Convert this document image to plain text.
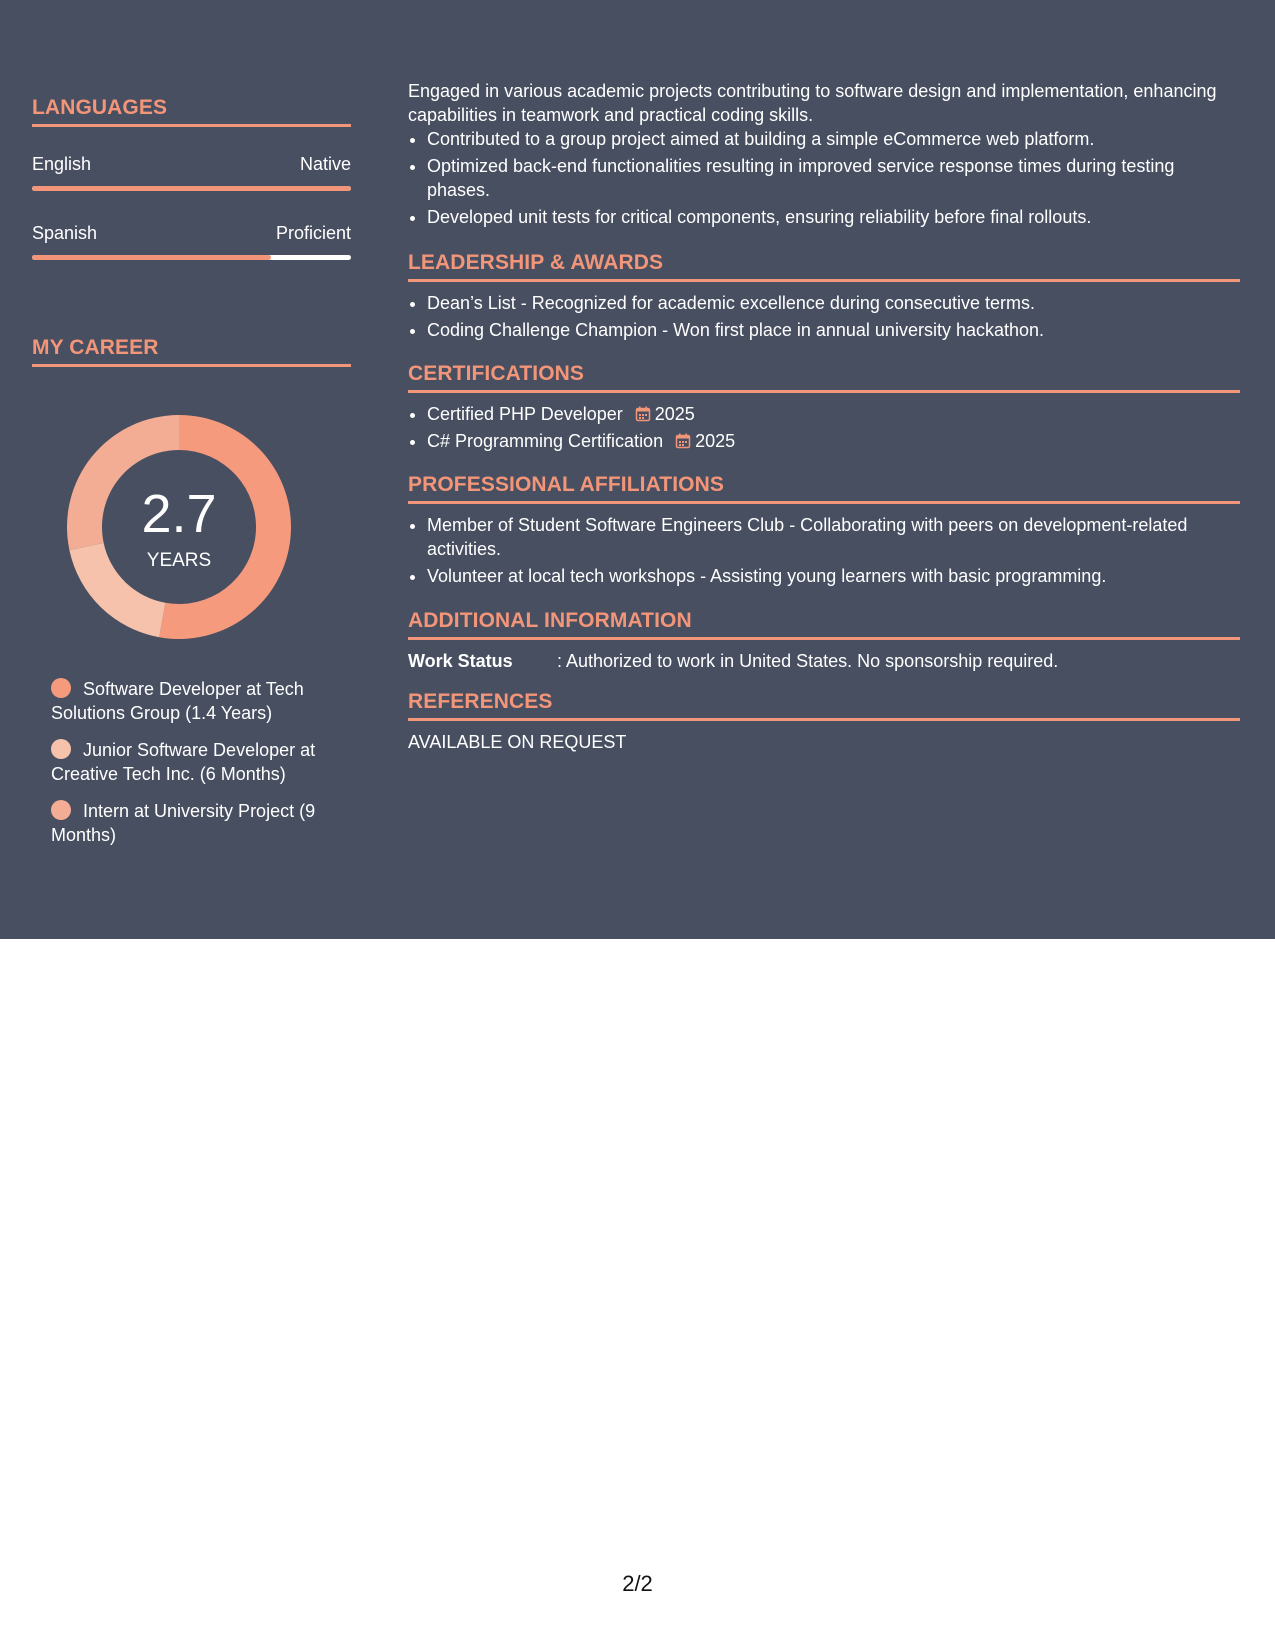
LANGUAGES
English	Native
Spanish	Proficient
MY CAREER
2.7
YEARS
Software Developer at Tech Solutions Group (1.4 Years)
Junior Software Developer at Creative Tech Inc. (6 Months)
Intern at University Project (9 Months)
Engaged in various academic projects contributing to software design and implementation, enhancing capabilities in teamwork and practical coding skills.
• Contributed to a group project aimed at building a simple eCommerce web platform.
• Optimized back-end functionalities resulting in improved service response times during testing phases.
• Developed unit tests for critical components, ensuring reliability before final rollouts.
LEADERSHIP & AWARDS
• Dean’s List - Recognized for academic excellence during consecutive terms.
• Coding Challenge Champion - Won first place in annual university hackathon.
CERTIFICATIONS
• Certified PHP Developer 2025
• C# Programming Certification 2025
PROFESSIONAL AFFILIATIONS
• Member of Student Software Engineers Club - Collaborating with peers on development-related activities.
• Volunteer at local tech workshops - Assisting young learners with basic programming.
ADDITIONAL INFORMATION
Work Status : Authorized to work in United States. No sponsorship required.
REFERENCES
AVAILABLE ON REQUEST
2/2
